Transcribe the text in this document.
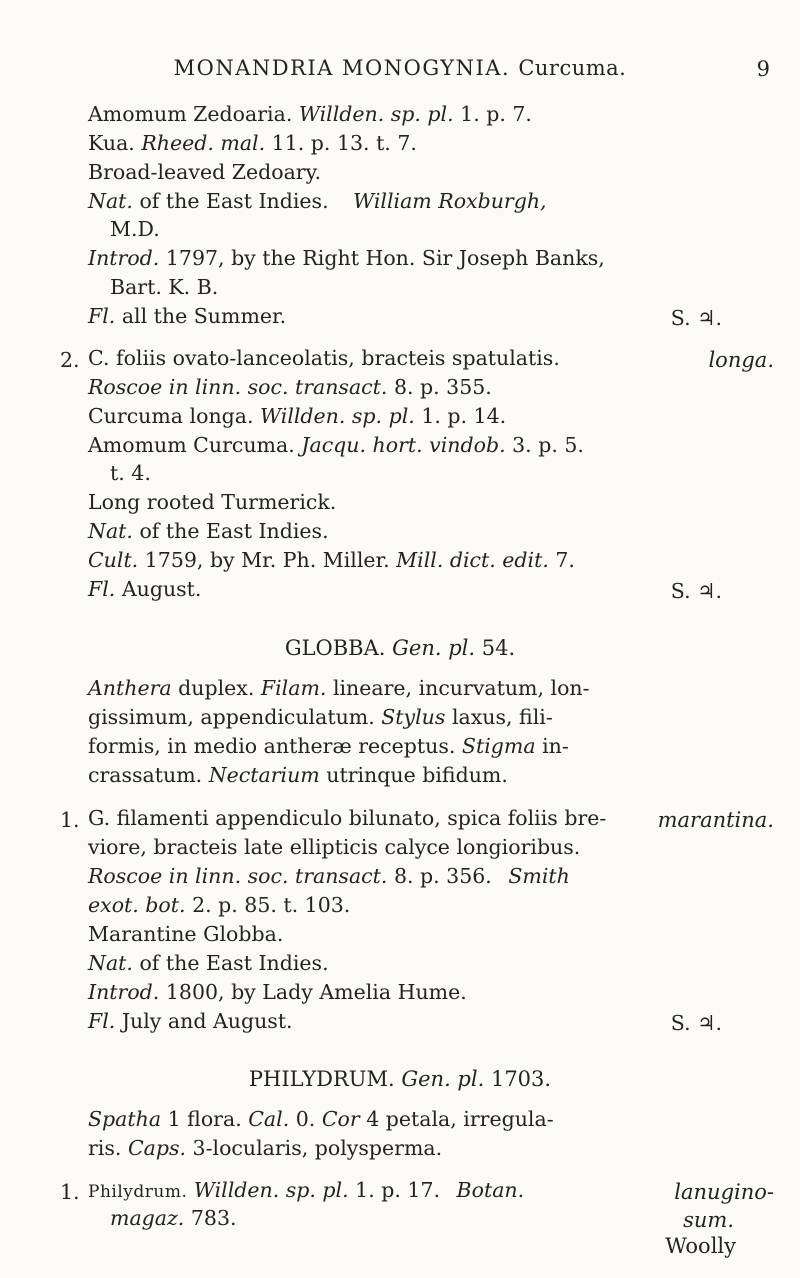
MONANDRIA MONOGYNIA. Curcuma.	9
Amomum Zedoaria. Willden. sp. pl. 1. p. 7.
Kua. Rheed. mal. 11. p. 13. t. 7.
Broad-leaved Zedoary.
Nat. of the East Indies. William Roxburgh,
M.D.
Introd. 1797, by the Right Hon. Sir Joseph Banks,
Bart. K. B.
Fl. all the Summer.	S. ♃.
2. C. foliis ovato-lanceolatis, bracteis spatulatis.	longa.
Roscoe in linn. soc. transact. 8. p. 355.
Curcuma longa. Willden. sp. pl. 1. p. 14.
Amomum Curcuma. Jacqu. hort. vindob. 3. p. 5.
t. 4.
Long rooted Turmerick.
Nat. of the East Indies.
Cult. 1759, by Mr. Ph. Miller. Mill. dict. edit. 7.
Fl. August.	S. ♃.
GLOBBA. Gen. pl. 54.
Anthera duplex. Filam. lineare, incurvatum, lon-
gissimum, appendiculatum. Stylus laxus, fili-
formis, in medio antheræ receptus. Stigma in-
crassatum. Nectarium utrinque bifidum.
1. G. filamenti appendiculo bilunato, spica foliis bre- marantina.
viore, bracteis late ellipticis calyce longioribus.
Roscoe in linn. soc. transact. 8. p. 356. Smith
exot. bot. 2. p. 85. t. 103.
Marantine Globba.
Nat. of the East Indies.
Introd. 1800, by Lady Amelia Hume.
Fl. July and August.	S. ♃.
PHILYDRUM. Gen. pl. 1703.
Spatha 1 flora. Cal. 0. Cor 4 petala, irregula-
ris. Caps. 3-locularis, polysperma.
1. Philydrum. Willden. sp. pl. 1. p. 17. Botan.	lanugino-
magaz. 783.	sum.
Woolly
